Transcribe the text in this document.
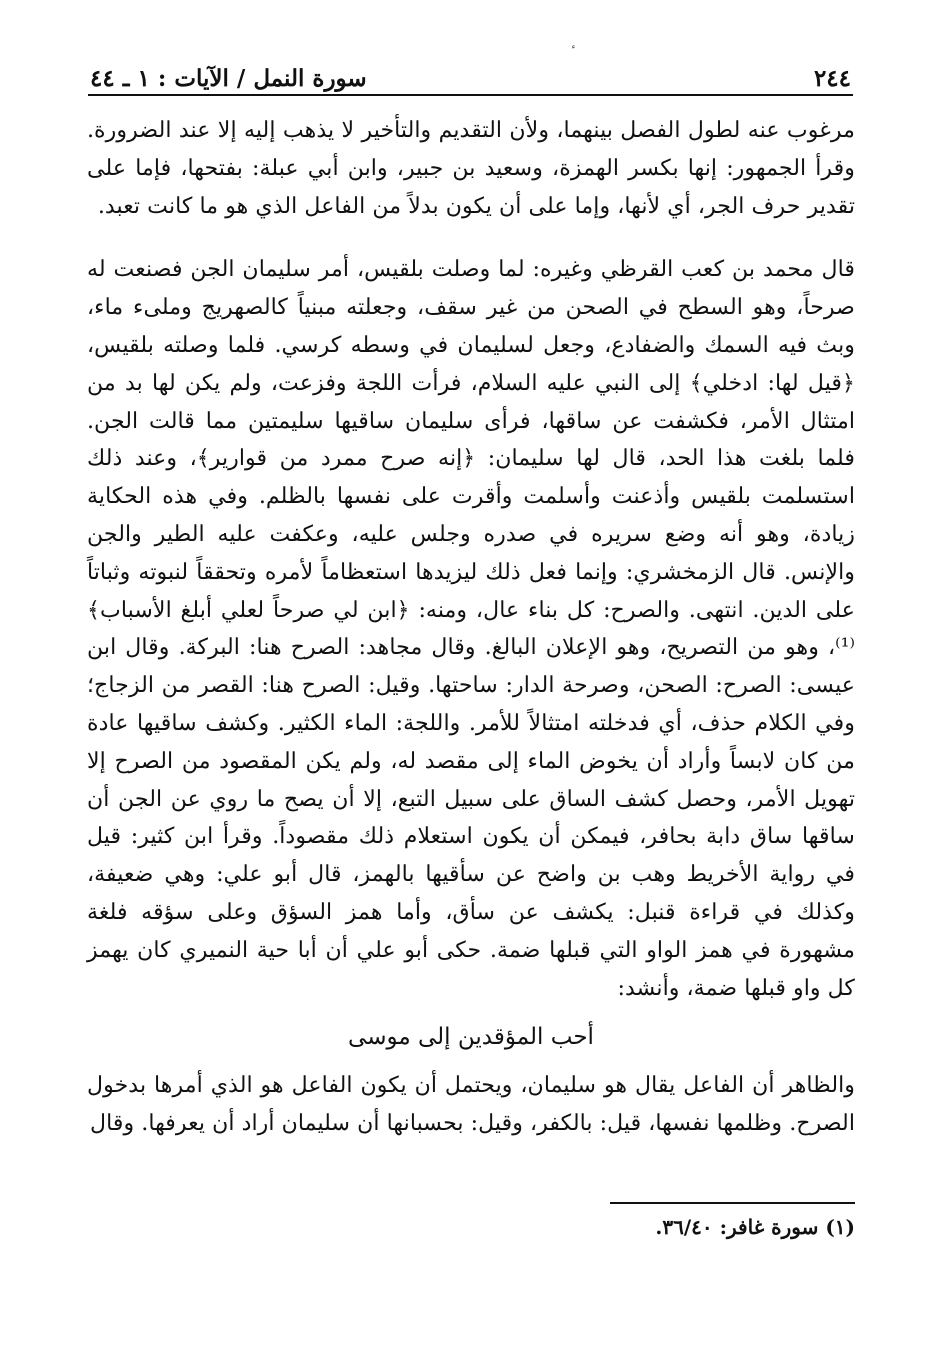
٢٤٤
سورة النمل / الآيات : ١ ـ ٤٤

مرغوب عنه لطول الفصل بينهما، ولأن التقديم والتأخير لا يذهب إليه إلا عند الضرورة. وقرأ الجمهور: إنها بكسر الهمزة، وسعيد بن جبير، وابن أبي عبلة: بفتحها، فإما على تقدير حرف الجر، أي لأنها، وإما على أن يكون بدلاً من الفاعل الذي هو ما كانت تعبد.

قال محمد بن كعب القرظي وغيره: لما وصلت بلقيس، أمر سليمان الجن فصنعت له صرحاً، وهو السطح في الصحن من غير سقف، وجعلته مبنياً كالصهريج وملىء ماء، وبث فيه السمك والضفادع، وجعل لسليمان في وسطه كرسي. فلما وصلته بلقيس، ﴿قيل لها: ادخلي﴾ إلى النبي عليه السلام، فرأت اللجة وفزعت، ولم يكن لها بد من امتثال الأمر، فكشفت عن ساقها، فرأى سليمان ساقيها سليمتين مما قالت الجن. فلما بلغت هذا الحد، قال لها سليمان: ﴿إنه صرح ممرد من قوارير﴾، وعند ذلك استسلمت بلقيس وأذعنت وأسلمت وأقرت على نفسها بالظلم. وفي هذه الحكاية زيادة، وهو أنه وضع سريره في صدره وجلس عليه، وعكفت عليه الطير والجن والإنس. قال الزمخشري: وإنما فعل ذلك ليزيدها استعظاماً لأمره وتحققاً لنبوته وثباتاً على الدين. انتهى. والصرح: كل بناء عال، ومنه: ﴿ابن لي صرحاً لعلي أبلغ الأسباب﴾⁽¹⁾، وهو من التصريح، وهو الإعلان البالغ. وقال مجاهد: الصرح هنا: البركة. وقال ابن عيسى: الصرح: الصحن، وصرحة الدار: ساحتها. وقيل: الصرح هنا: القصر من الزجاج؛ وفي الكلام حذف، أي فدخلته امتثالاً للأمر. واللجة: الماء الكثير. وكشف ساقيها عادة من كان لابساً وأراد أن يخوض الماء إلى مقصد له، ولم يكن المقصود من الصرح إلا تهويل الأمر، وحصل كشف الساق على سبيل التبع، إلا أن يصح ما روي عن الجن أن ساقها ساق دابة بحافر، فيمكن أن يكون استعلام ذلك مقصوداً. وقرأ ابن كثير: قيل في رواية الأخريط وهب بن واضح عن سأقيها بالهمز، قال أبو علي: وهي ضعيفة، وكذلك في قراءة قنبل: يكشف عن سأق، وأما همز السؤق وعلى سؤقه فلغة مشهورة في همز الواو التي قبلها ضمة. حكى أبو علي أن أبا حية النميري كان يهمز كل واو قبلها ضمة، وأنشد:

أحب المؤقدين إلى موسى

والظاهر أن الفاعل يقال هو سليمان، ويحتمل أن يكون الفاعل هو الذي أمرها بدخول الصرح. وظلمها نفسها، قيل: بالكفر، وقيل: بحسبانها أن سليمان أراد أن يعرفها. وقال

(١) سورة غافر: ٣٦/٤٠.
